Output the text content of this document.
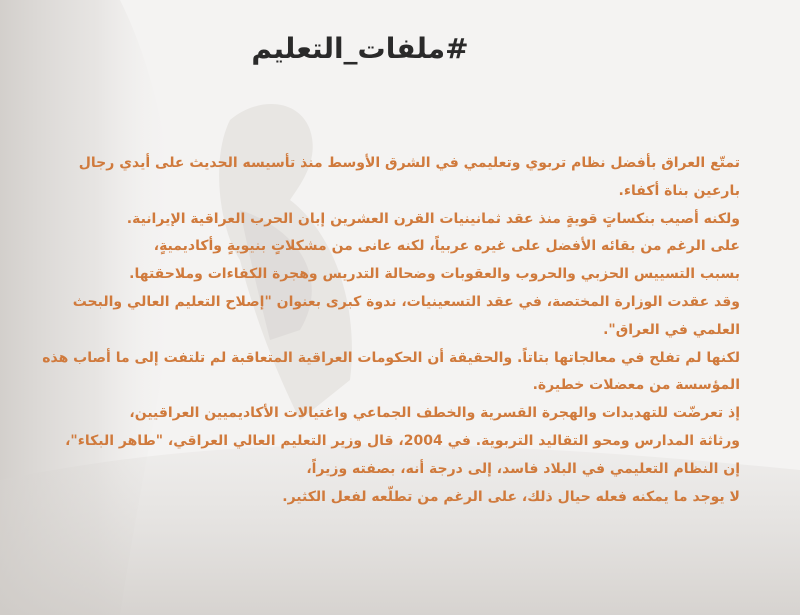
#ملفات_التعليم
تمتّع العراق بأفضل نظام تربوي وتعليمي في الشرق الأوسط منذ تأسيسه الحديث على أيدي رجال بارعين بناة أكفاء.
ولكنه أصيب بنكساتٍ قويةٍ منذ عقد ثمانينيات القرن العشرين إبان الحرب العراقية الإيرانية.
على الرغم من بقائه الأفضل على غيره عربياً، لكنه عانى من مشكلاتٍ بنيويةٍ وأكاديميةٍ،
بسبب التسييس الحزبي والحروب والعقوبات وضحالة التدريس وهجرة الكفاءات وملاحقتها.
وقد عقدت الوزارة المختصة، في عقد التسعينيات، ندوة كبرى بعنوان "إصلاح التعليم العالي والبحث العلمي في العراق".
لكنها لم تفلح في معالجاتها بتاتاً. والحقيقة أن الحكومات العراقية المتعاقبة لم تلتفت إلى ما أصاب هذه المؤسسة من معضلات خطيرة.
إذ تعرضّت للتهديدات والهجرة القسرية والخطف الجماعي واغتيالات الأكاديميين العراقيين،
ورثاثة المدارس ومحو التقاليد التربوية. في 2004، قال وزير التعليم العالي العراقي، "طاهر البكاء"،
إن النظام التعليمي في البلاد فاسد، إلى درجة أنه، بصفته وزيراً،
لا يوجد ما يمكنه فعله حيال ذلك، على الرغم من تطلّعه لفعل الكثير.
